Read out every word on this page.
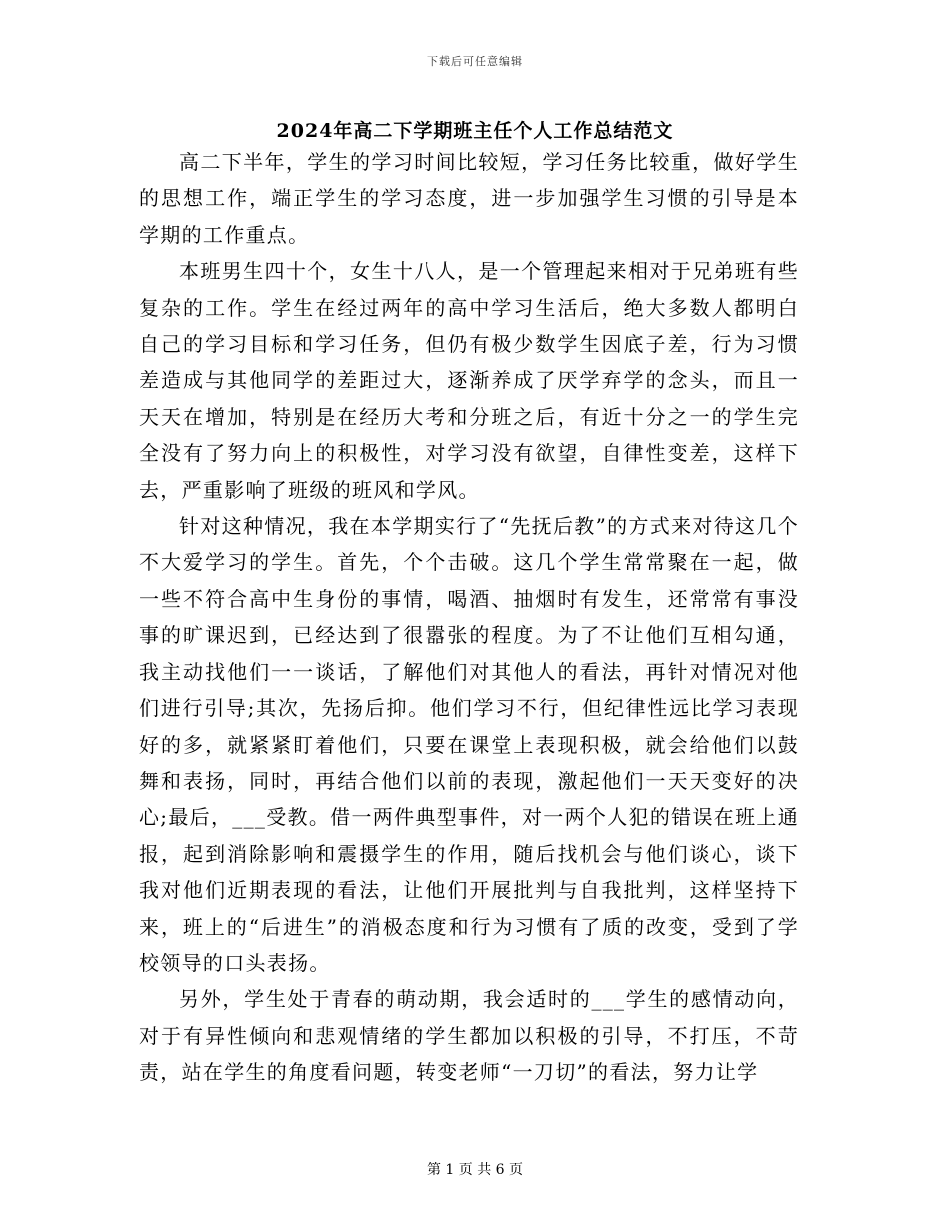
下载后可任意编辑
2024年高二下学期班主任个人工作总结范文

高二下半年，学生的学习时间比较短，学习任务比较重，做好学生的思想工作，端正学生的学习态度，进一步加强学生习惯的引导是本学期的工作重点。

本班男生四十个，女生十八人，是一个管理起来相对于兄弟班有些复杂的工作。学生在经过两年的高中学习生活后，绝大多数人都明白自己的学习目标和学习任务，但仍有极少数学生因底子差，行为习惯差造成与其他同学的差距过大，逐渐养成了厌学弃学的念头，而且一天天在增加，特别是在经历大考和分班之后，有近十分之一的学生完全没有了努力向上的积极性，对学习没有欲望，自律性变差，这样下去，严重影响了班级的班风和学风。

针对这种情况，我在本学期实行了“先抚后教”的方式来对待这几个不大爱学习的学生。首先，个个击破。这几个学生常常聚在一起，做一些不符合高中生身份的事情，喝酒、抽烟时有发生，还常常有事没事的旷课迟到，已经达到了很嚣张的程度。为了不让他们互相勾通，我主动找他们一一谈话，了解他们对其他人的看法，再针对情况对他们进行引导;其次，先扬后抑。他们学习不行，但纪律性远比学习表现好的多，就紧紧盯着他们，只要在课堂上表现积极，就会给他们以鼓舞和表扬，同时，再结合他们以前的表现，激起他们一天天变好的决心;最后，___受教。借一两件典型事件，对一两个人犯的错误在班上通报，起到消除影响和震摄学生的作用，随后找机会与他们谈心，谈下我对他们近期表现的看法，让他们开展批判与自我批判，这样坚持下来，班上的“后进生”的消极态度和行为习惯有了质的改变，受到了学校领导的口头表扬。

另外，学生处于青春的萌动期，我会适时的___学生的感情动向，对于有异性倾向和悲观情绪的学生都加以积极的引导，不打压，不苛责，站在学生的角度看问题，转变老师“一刀切”的看法，努力让学

第 1 页 共 6 页
